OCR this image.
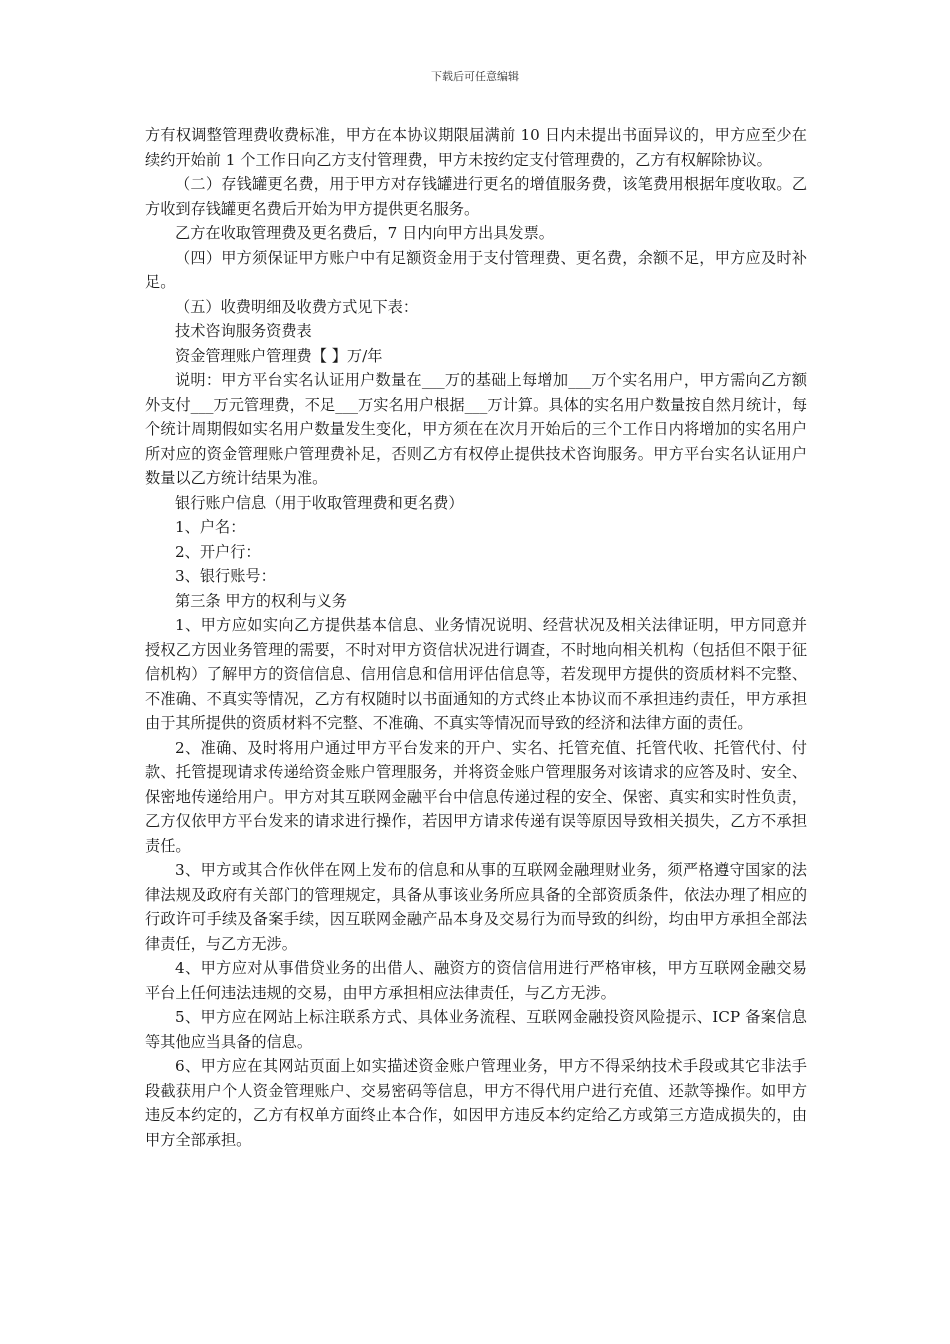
下载后可任意编辑

方有权调整管理费收费标准，甲方在本协议期限届满前 10 日内未提出书面异议的，甲方应至少在续约开始前 1 个工作日向乙方支付管理费，甲方未按约定支付管理费的，乙方有权解除协议。

（二）存钱罐更名费，用于甲方对存钱罐进行更名的增值服务费，该笔费用根据年度收取。乙方收到存钱罐更名费后开始为甲方提供更名服务。

乙方在收取管理费及更名费后，7 日内向甲方出具发票。

（四）甲方须保证甲方账户中有足额资金用于支付管理费、更名费，余额不足，甲方应及时补足。

（五）收费明细及收费方式见下表：

技术咨询服务资费表

资金管理账户管理费【 】万/年

说明：甲方平台实名认证用户数量在___万的基础上每增加___万个实名用户，甲方需向乙方额外支付___万元管理费，不足___万实名用户根据___万计算。具体的实名用户数量按自然月统计，每个统计周期假如实名用户数量发生变化，甲方须在在次月开始后的三个工作日内将增加的实名用户所对应的资金管理账户管理费补足，否则乙方有权停止提供技术咨询服务。甲方平台实名认证用户数量以乙方统计结果为准。

银行账户信息（用于收取管理费和更名费）

1、户名：

2、开户行：

3、银行账号：

第三条 甲方的权利与义务

1、甲方应如实向乙方提供基本信息、业务情况说明、经营状况及相关法律证明，甲方同意并授权乙方因业务管理的需要，不时对甲方资信状况进行调查，不时地向相关机构（包括但不限于征信机构）了解甲方的资信信息、信用信息和信用评估信息等，若发现甲方提供的资质材料不完整、不准确、不真实等情况，乙方有权随时以书面通知的方式终止本协议而不承担违约责任，甲方承担由于其所提供的资质材料不完整、不准确、不真实等情况而导致的经济和法律方面的责任。

2、准确、及时将用户通过甲方平台发来的开户、实名、托管充值、托管代收、托管代付、付款、托管提现请求传递给资金账户管理服务，并将资金账户管理服务对该请求的应答及时、安全、保密地传递给用户。甲方对其互联网金融平台中信息传递过程的安全、保密、真实和实时性负责，乙方仅依甲方平台发来的请求进行操作，若因甲方请求传递有误等原因导致相关损失，乙方不承担责任。

3、甲方或其合作伙伴在网上发布的信息和从事的互联网金融理财业务，须严格遵守国家的法律法规及政府有关部门的管理规定，具备从事该业务所应具备的全部资质条件，依法办理了相应的行政许可手续及备案手续，因互联网金融产品本身及交易行为而导致的纠纷，均由甲方承担全部法律责任，与乙方无涉。

4、甲方应对从事借贷业务的出借人、融资方的资信信用进行严格审核，甲方互联网金融交易平台上任何违法违规的交易，由甲方承担相应法律责任，与乙方无涉。

5、甲方应在网站上标注联系方式、具体业务流程、互联网金融投资风险提示、ICP 备案信息等其他应当具备的信息。

6、甲方应在其网站页面上如实描述资金账户管理业务，甲方不得采纳技术手段或其它非法手段截获用户个人资金管理账户、交易密码等信息，甲方不得代用户进行充值、还款等操作。如甲方违反本约定的，乙方有权单方面终止本合作，如因甲方违反本约定给乙方或第三方造成损失的，由甲方全部承担。
